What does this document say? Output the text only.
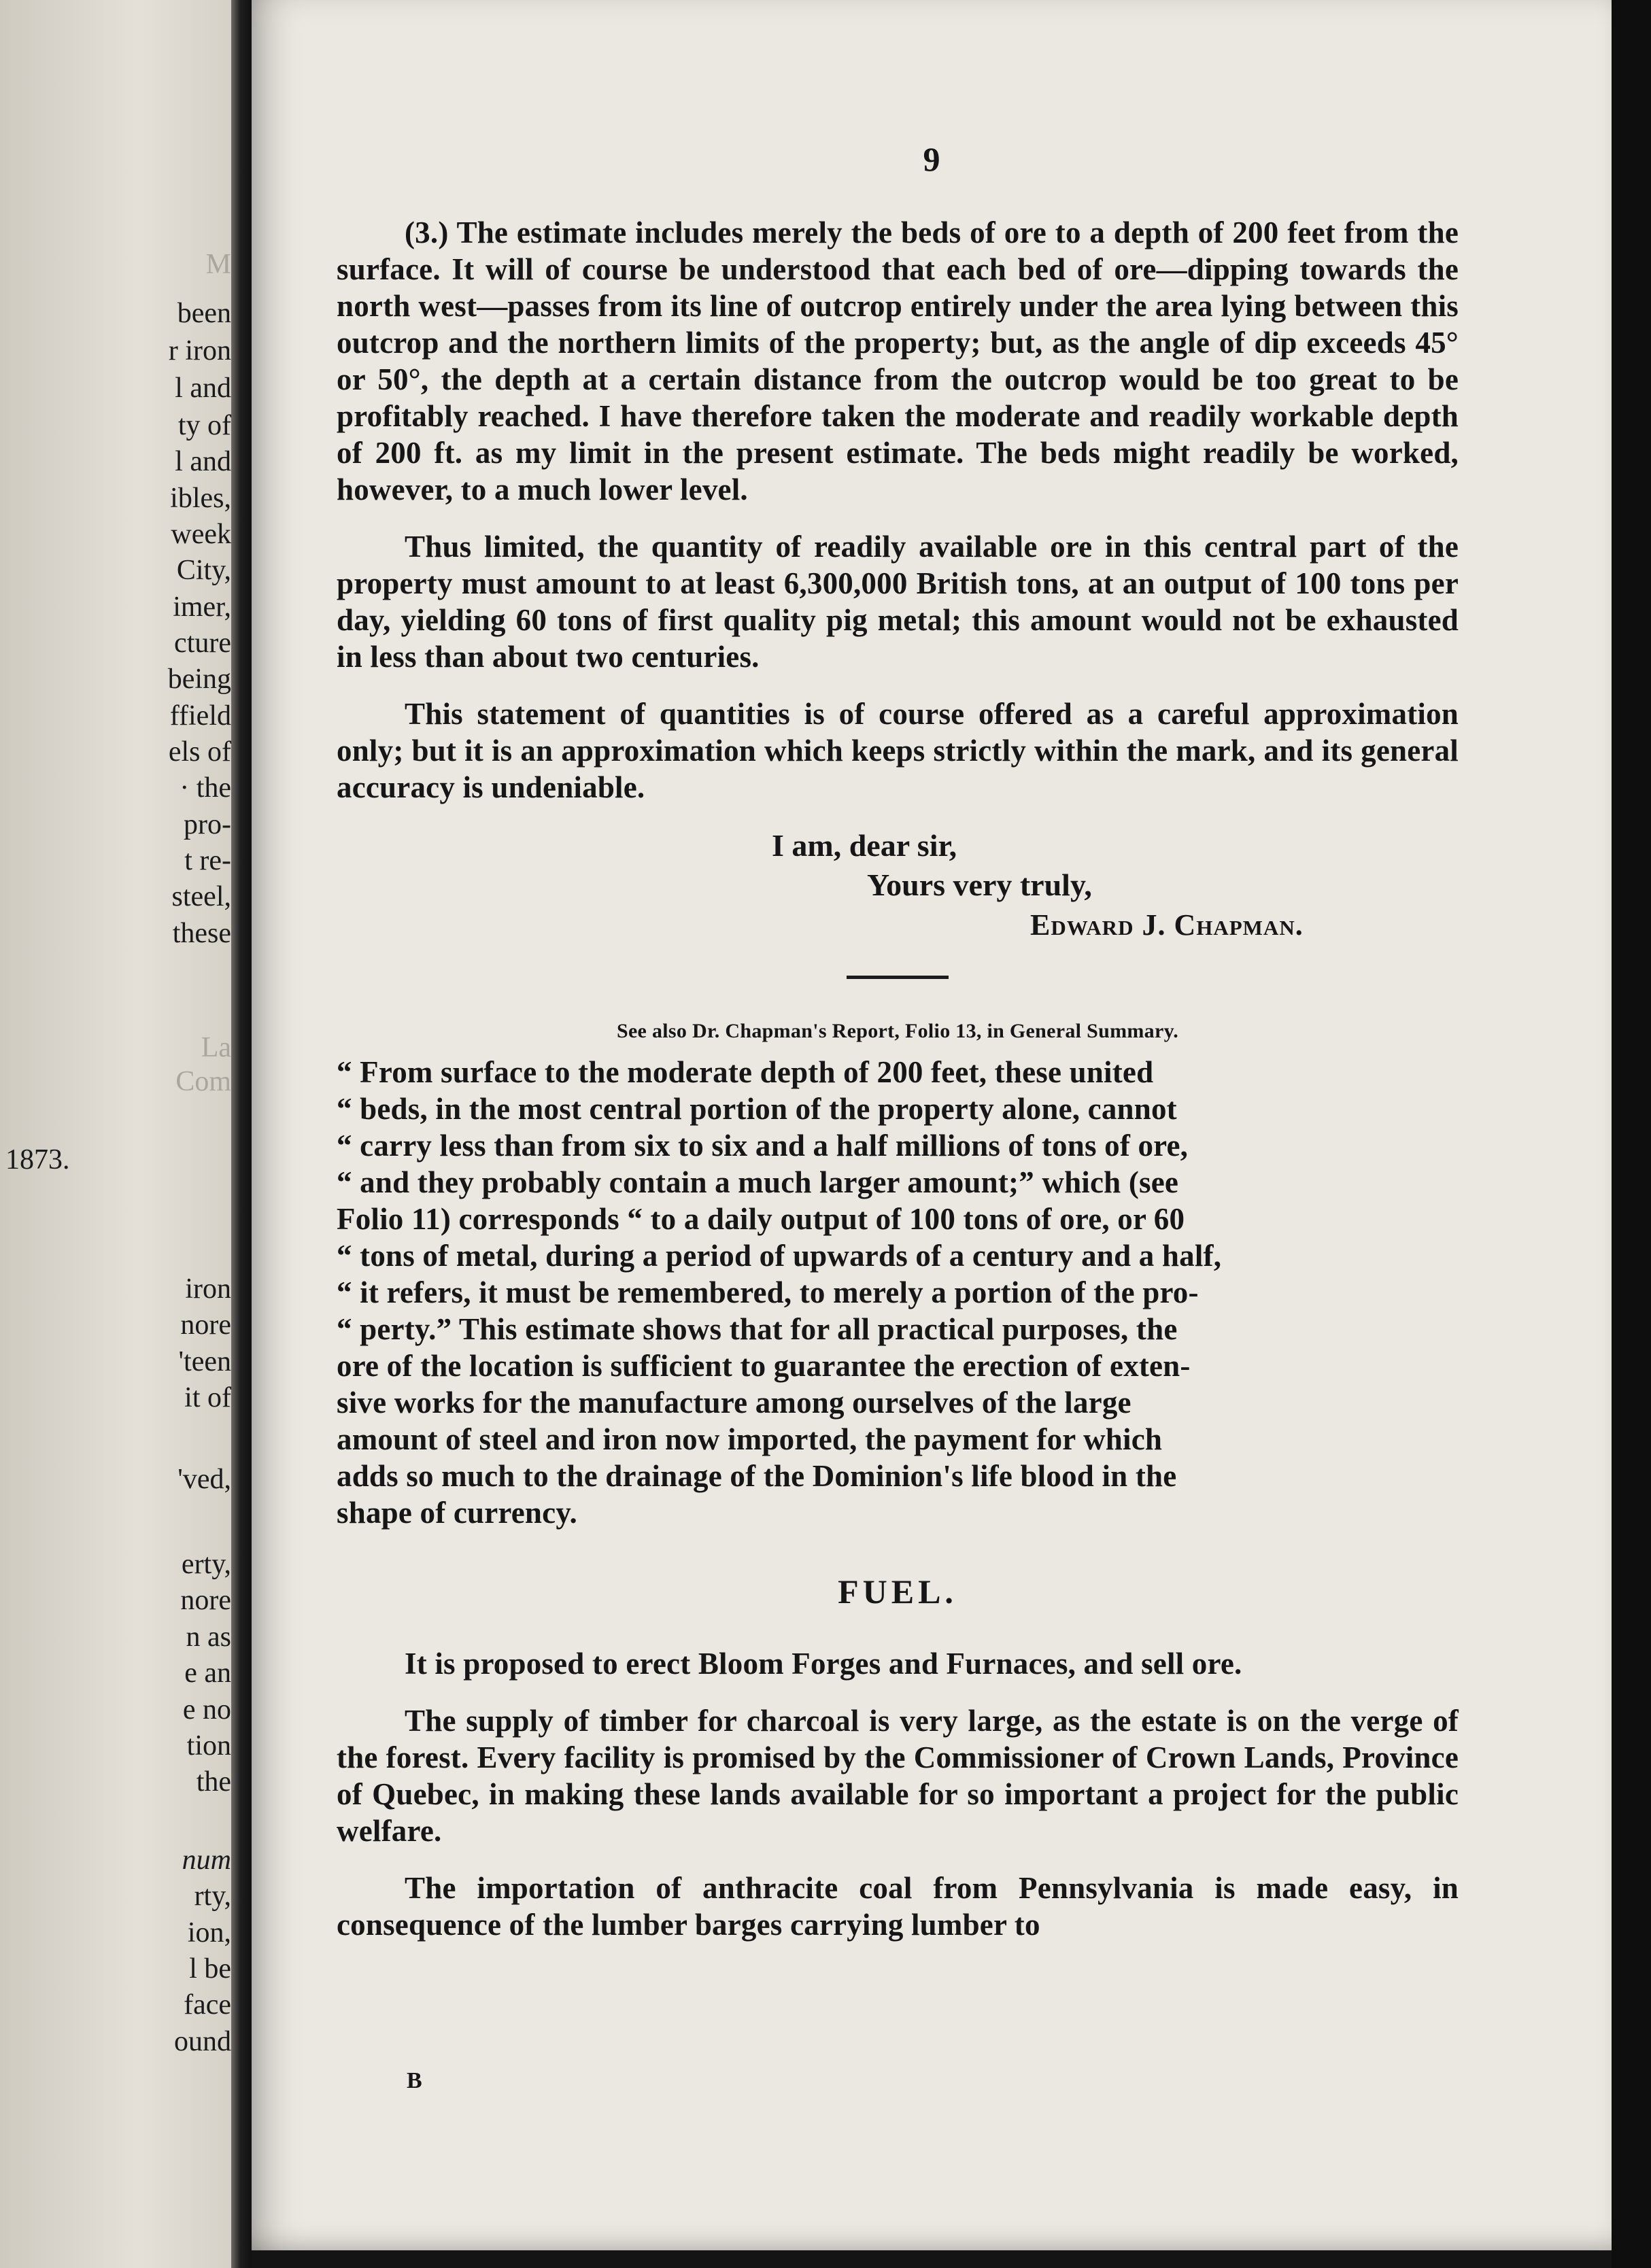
M
been
r iron
l and
ty of
l and
ibles,
week
City,
imer,
cture
being
ffield
els of
· the
pro-
t re-
steel,
these
La
Com
1873.
iron
nore
'teen
it of
'ved,
erty,
nore
n as
e an
e no
tion
the
num
rty,
ion,
l be
face
ound
9

(3.) The estimate includes merely the beds of ore to a depth of 200 feet from the surface. It will of course be understood that each bed of ore—dipping towards the north west—passes from its line of outcrop entirely under the area lying between this outcrop and the northern limits of the property; but, as the angle of dip exceeds 45° or 50°, the depth at a certain distance from the outcrop would be too great to be profitably reached. I have therefore taken the moderate and readily workable depth of 200 ft. as my limit in the present estimate. The beds might readily be worked, however, to a much lower level.

Thus limited, the quantity of readily available ore in this central part of the property must amount to at least 6,300,000 British tons, at an output of 100 tons per day, yielding 60 tons of first quality pig metal; this amount would not be exhausted in less than about two centuries.

This statement of quantities is of course offered as a careful approximation only; but it is an approximation which keeps strictly within the mark, and its general accuracy is undeniable.

I am, dear sir,

Yours very truly,

Edward J. Chapman.

See also Dr. Chapman's Report, Folio 13, in General Summary.

“ From surface to the moderate depth of 200 feet, these united
“ beds, in the most central portion of the property alone, cannot
“ carry less than from six to six and a half millions of tons of ore,
“ and they probably contain a much larger amount;” which (see
Folio 11) corresponds “ to a daily output of 100 tons of ore, or 60
“ tons of metal, during a period of upwards of a century and a half,
“ it refers, it must be remembered, to merely a portion of the pro-
“ perty.” This estimate shows that for all practical purposes, the
ore of the location is sufficient to guarantee the erection of exten-
sive works for the manufacture among ourselves of the large
amount of steel and iron now imported, the payment for which
adds so much to the drainage of the Dominion's life blood in the
shape of currency.

FUEL.

It is proposed to erect Bloom Forges and Furnaces, and sell ore.

The supply of timber for charcoal is very large, as the estate is on the verge of the forest. Every facility is promised by the Commissioner of Crown Lands, Province of Quebec, in making these lands available for so important a project for the public welfare.

The importation of anthracite coal from Pennsylvania is made easy, in consequence of the lumber barges carrying lumber to

B
